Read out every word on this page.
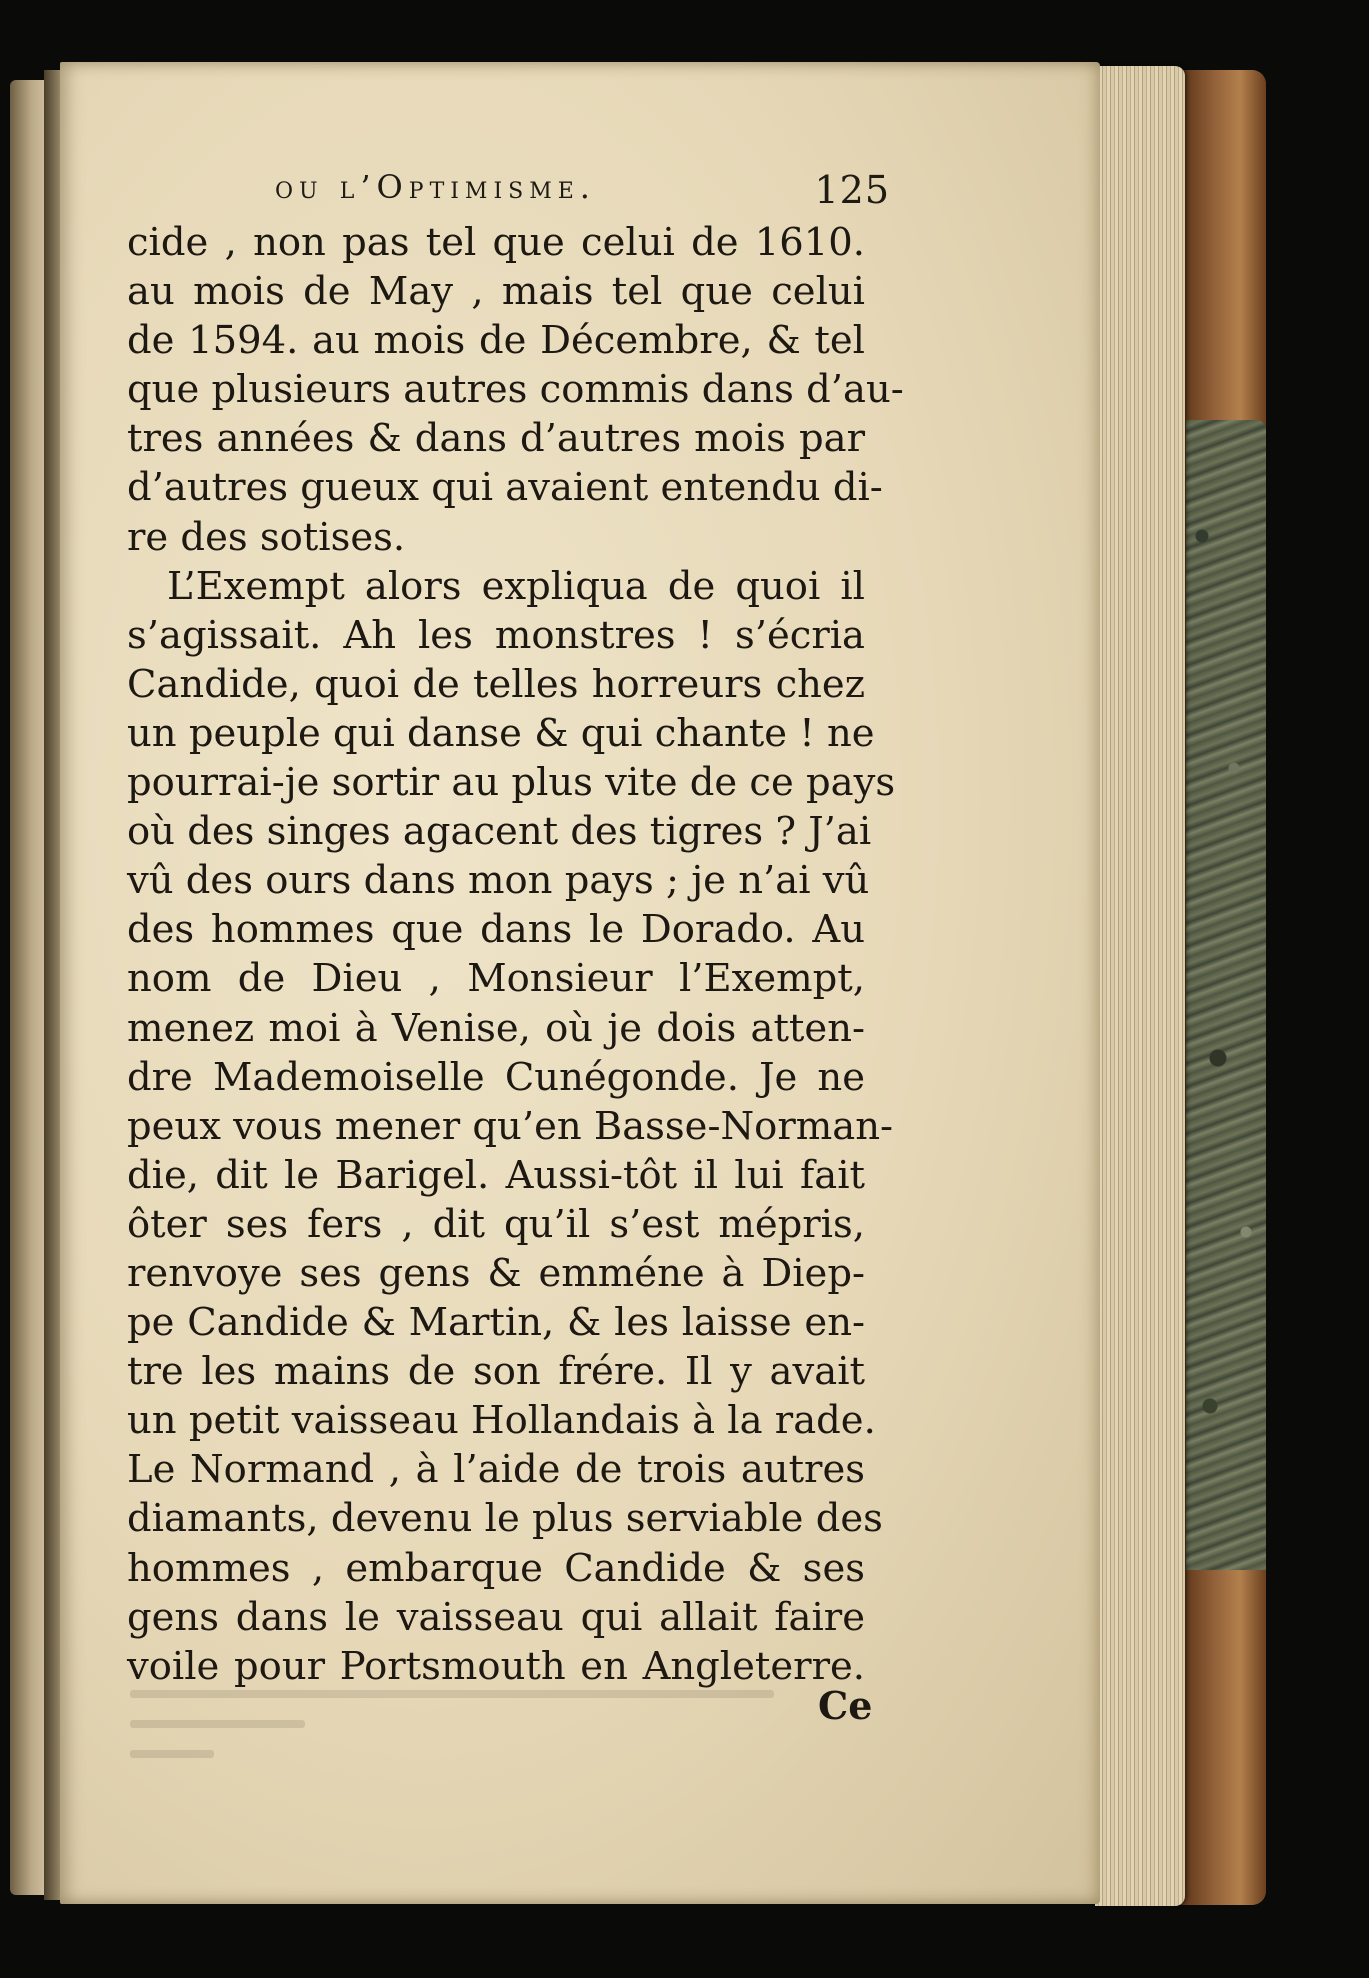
ou l’Optimisme.	125
cide , non pas tel que celui de 1610.
au mois de May , mais tel que celui
de 1594. au mois de Décembre, & tel
que plusieurs autres commis dans d’au-
tres années & dans d’autres mois par
d’autres gueux qui avaient entendu di-
re des sotises.
L’Exempt alors expliqua de quoi il
s’agissait. Ah les monstres ! s’écria
Candide, quoi de telles horreurs chez
un peuple qui danse & qui chante ! ne
pourrai-je sortir au plus vite de ce pays
où des singes agacent des tigres ? J’ai
vû des ours dans mon pays ; je n’ai vû
des hommes que dans le Dorado. Au
nom de Dieu , Monsieur l’Exempt,
menez moi à Venise, où je dois atten-
dre Mademoiselle Cunégonde. Je ne
peux vous mener qu’en Basse-Norman-
die, dit le Barigel. Aussi-tôt il lui fait
ôter ses fers , dit qu’il s’est mépris,
renvoye ses gens & emméne à Diep-
pe Candide & Martin, & les laisse en-
tre les mains de son frére. Il y avait
un petit vaisseau Hollandais à la rade.
Le Normand , à l’aide de trois autres
diamants, devenu le plus serviable des
hommes , embarque Candide & ses
gens dans le vaisseau qui allait faire
voile pour Portsmouth en Angleterre.
Ce
